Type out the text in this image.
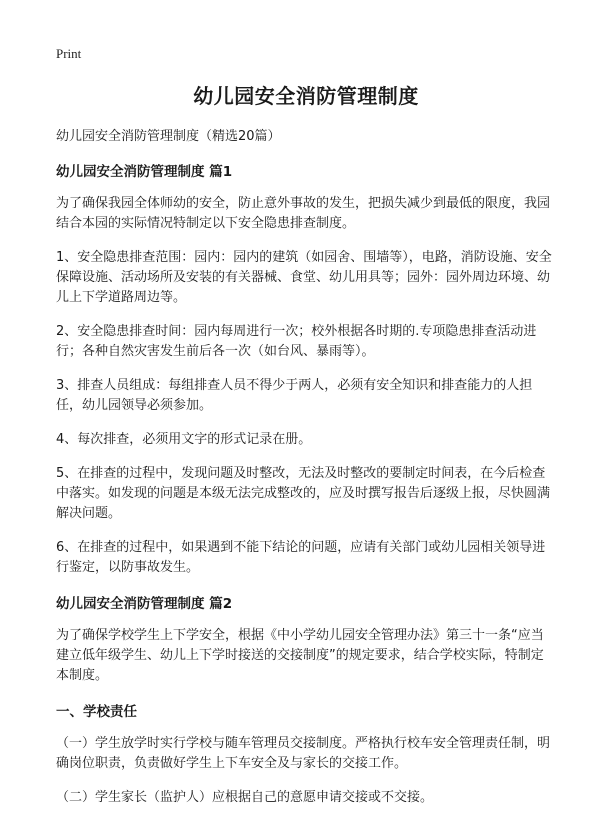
Print
幼儿园安全消防管理制度
幼儿园安全消防管理制度（精选20篇）
幼儿园安全消防管理制度 篇1

为了确保我园全体师幼的安全，防止意外事故的发生，把损失减少到最低的限度，我园结合本园的实际情况特制定以下安全隐患排查制度。

1、安全隐患排查范围：园内：园内的建筑（如园舍、围墙等），电路，消防设施、安全保障设施、活动场所及安装的有关器械、食堂、幼儿用具等；园外：园外周边环境、幼儿上下学道路周边等。

2、安全隐患排查时间：园内每周进行一次；校外根据各时期的.专项隐患排查活动进行；各种自然灾害发生前后各一次（如台风、暴雨等）。

3、排查人员组成：每组排查人员不得少于两人，必须有安全知识和排查能力的人担任，幼儿园领导必须参加。

4、每次排查，必须用文字的形式记录在册。

5、在排查的过程中，发现问题及时整改，无法及时整改的要制定时间表，在今后检查中落实。如发现的问题是本级无法完成整改的，应及时撰写报告后逐级上报，尽快圆满解决问题。

6、在排查的过程中，如果遇到不能下结论的问题，应请有关部门或幼儿园相关领导进行鉴定，以防事故发生。

幼儿园安全消防管理制度 篇2

为了确保学校学生上下学安全，根据《中小学幼儿园安全管理办法》第三十一条“应当建立低年级学生、幼儿上下学时接送的交接制度”的规定要求，结合学校实际，特制定本制度。

一、学校责任

（一）学生放学时实行学校与随车管理员交接制度。严格执行校车安全管理责任制，明确岗位职责，负责做好学生上下车安全及与家长的交接工作。

（二）学生家长（监护人）应根据自己的意愿申请交接或不交接。
